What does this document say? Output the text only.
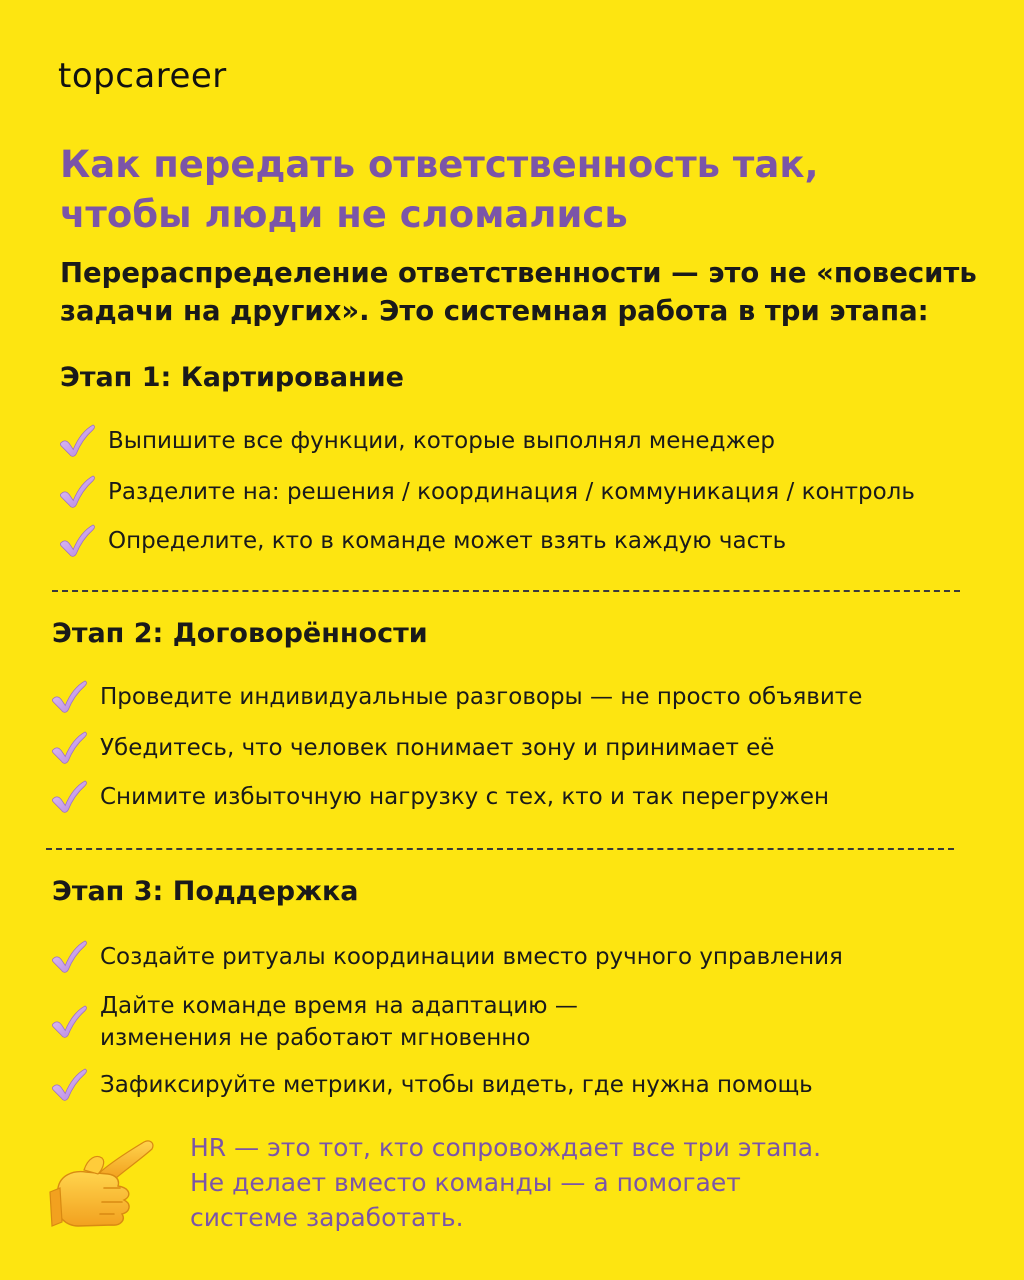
topcareer
Как передать ответственность так,
чтобы люди не сломались
Перераспределение ответственности — это не «повесить
задачи на других». Это системная работа в три этапа:
Этап 1: Картирование
Выпишите все функции, которые выполнял менеджер
Разделите на: решения / координация / коммуникация / контроль
Определите, кто в команде может взять каждую часть
Этап 2: Договорённости
Проведите индивидуальные разговоры — не просто объявите
Убедитесь, что человек понимает зону и принимает её
Снимите избыточную нагрузку с тех, кто и так перегружен
Этап 3: Поддержка
Создайте ритуалы координации вместо ручного управления
Дайте команде время на адаптацию —
изменения не работают мгновенно
Зафиксируйте метрики, чтобы видеть, где нужна помощь
HR — это тот, кто сопровождает все три этапа.
Не делает вместо команды — а помогает
системе заработать.
